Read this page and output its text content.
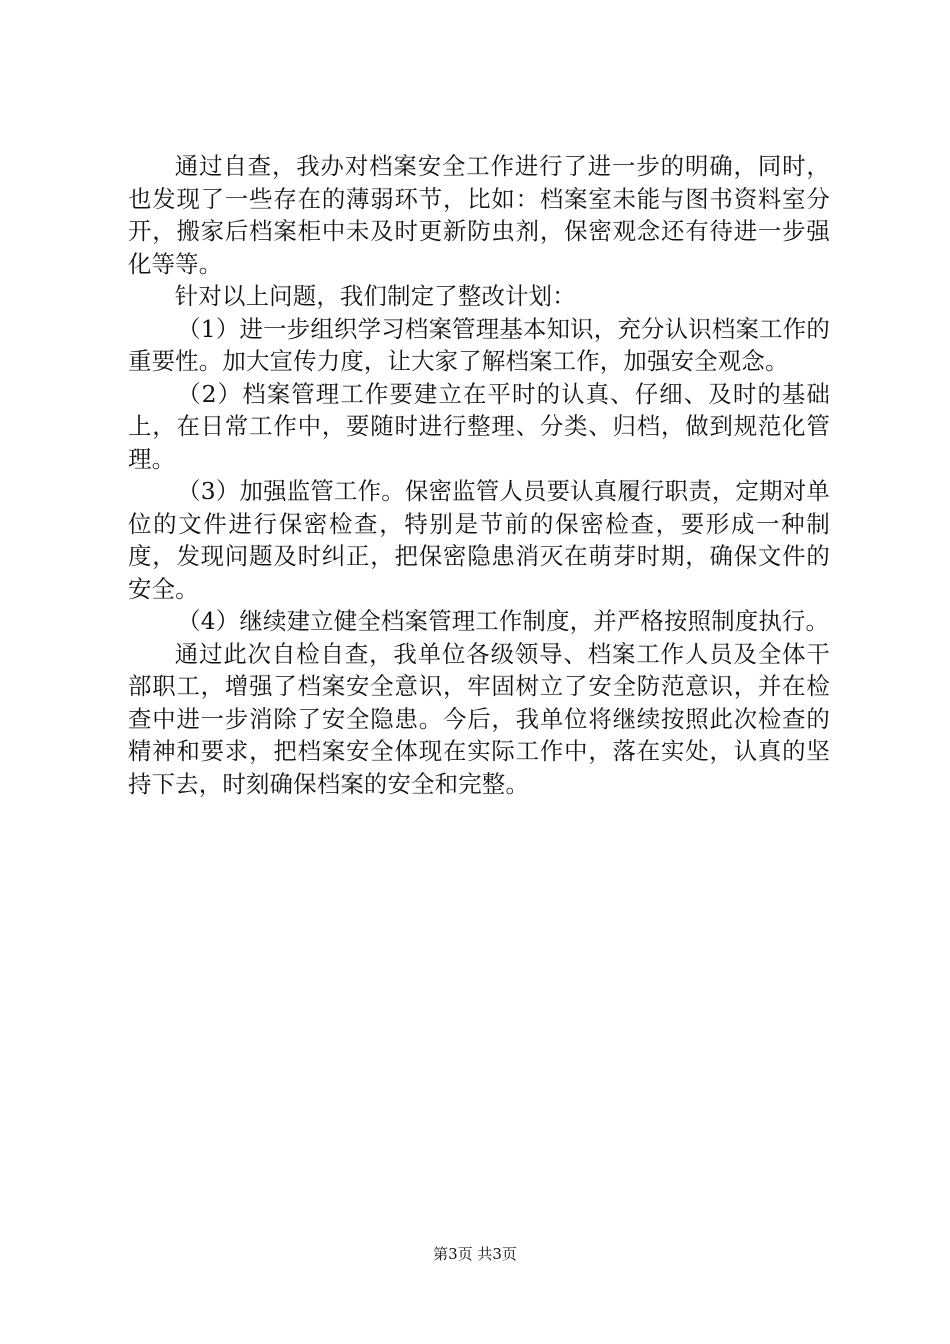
通过自查，我办对档案安全工作进行了进一步的明确，同时，也发现了一些存在的薄弱环节，比如：档案室未能与图书资料室分开，搬家后档案柜中未及时更新防虫剂，保密观念还有待进一步强化等等。

针对以上问题，我们制定了整改计划：

（1）进一步组织学习档案管理基本知识，充分认识档案工作的重要性。加大宣传力度，让大家了解档案工作，加强安全观念。

（2）档案管理工作要建立在平时的认真、仔细、及时的基础上，在日常工作中，要随时进行整理、分类、归档，做到规范化管理。

（3）加强监管工作。保密监管人员要认真履行职责，定期对单位的文件进行保密检查，特别是节前的保密检查，要形成一种制度，发现问题及时纠正，把保密隐患消灭在萌芽时期，确保文件的安全。

（4）继续建立健全档案管理工作制度，并严格按照制度执行。

通过此次自检自查，我单位各级领导、档案工作人员及全体干部职工，增强了档案安全意识，牢固树立了安全防范意识，并在检查中进一步消除了安全隐患。今后，我单位将继续按照此次检查的精神和要求，把档案安全体现在实际工作中，落在实处，认真的坚持下去，时刻确保档案的安全和完整。

第3页 共3页
